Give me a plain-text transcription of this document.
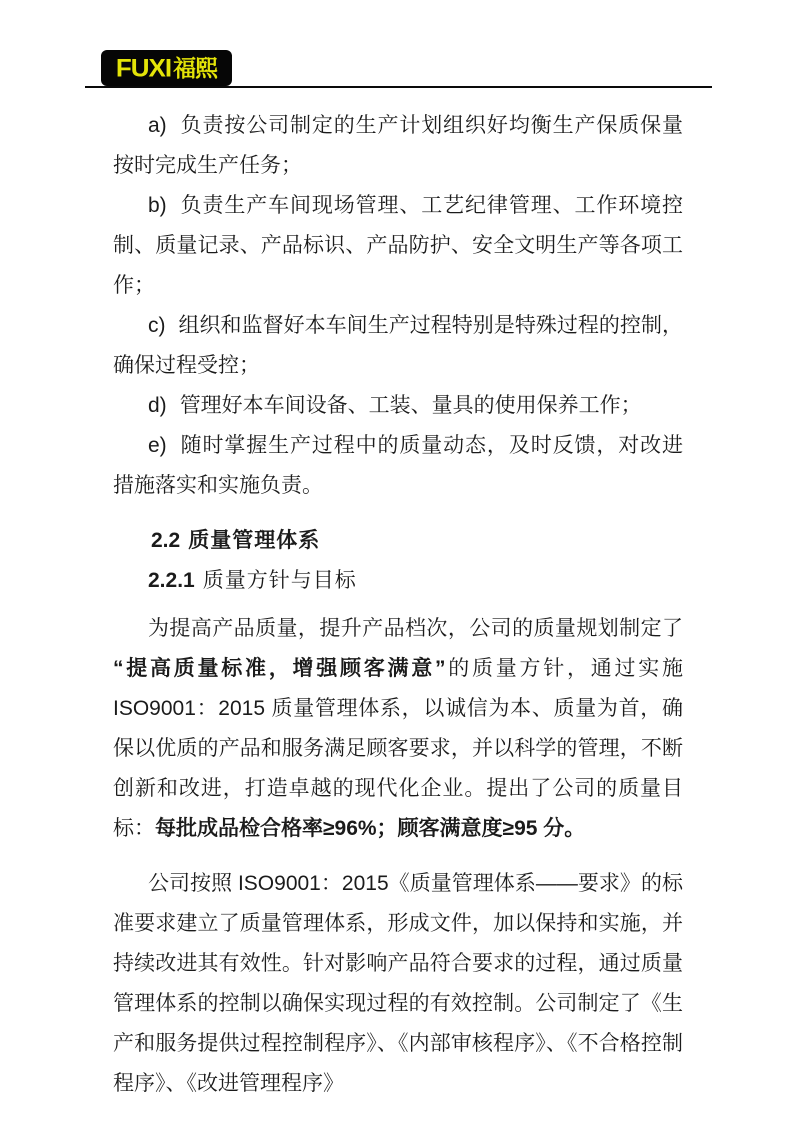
FUXI 福熙

a) 负责按公司制定的生产计划组织好均衡生产保质保量按时完成生产任务；

b) 负责生产车间现场管理、工艺纪律管理、工作环境控制、质量记录、产品标识、产品防护、安全文明生产等各项工作；

c) 组织和监督好本车间生产过程特别是特殊过程的控制，确保过程受控；

d) 管理好本车间设备、工装、量具的使用保养工作；

e) 随时掌握生产过程中的质量动态，及时反馈，对改进措施落实和实施负责。

2.2 质量管理体系
2.2.1 质量方针与目标

为提高产品质量，提升产品档次，公司的质量规划制定了“提高质量标准，增强顾客满意”的质量方针，通过实施 ISO9001：2015 质量管理体系，以诚信为本、质量为首，确保以优质的产品和服务满足顾客要求，并以科学的管理，不断创新和改进，打造卓越的现代化企业。提出了公司的质量目标：每批成品检合格率≥96%；顾客满意度≥95 分。

公司按照 ISO9001：2015《质量管理体系——要求》的标准要求建立了质量管理体系，形成文件，加以保持和实施，并持续改进其有效性。针对影响产品符合要求的过程，通过质量管理体系的控制以确保实现过程的有效控制。公司制定了《生产和服务提供过程控制程序》、《内部审核程序》、《不合格控制程序》、《改进管理程序》
